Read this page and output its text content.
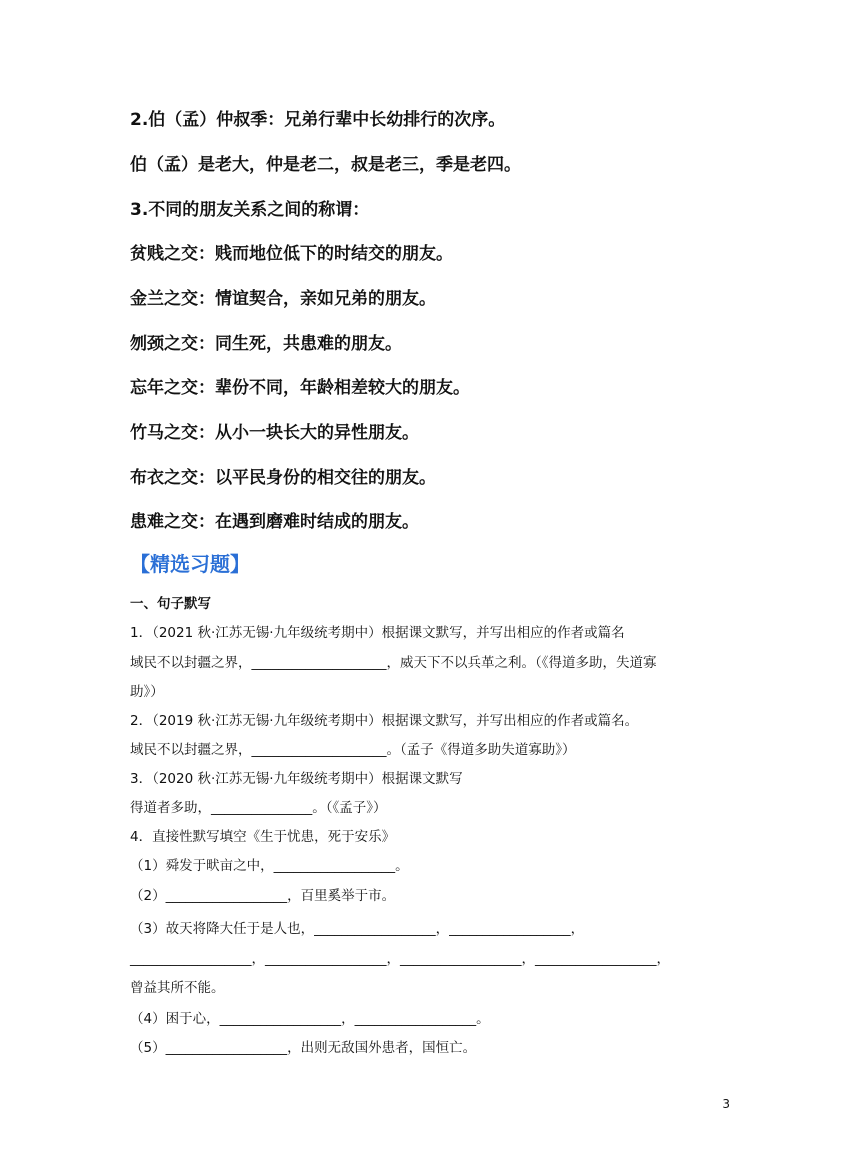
2.伯（孟）仲叔季：兄弟行辈中长幼排行的次序。

伯（孟）是老大，仲是老二，叔是老三，季是老四。

3.不同的朋友关系之间的称谓：

贫贱之交：贱而地位低下的时结交的朋友。

金兰之交：情谊契合，亲如兄弟的朋友。

刎颈之交：同生死，共患难的朋友。

忘年之交：辈份不同，年龄相差较大的朋友。

竹马之交：从小一块长大的异性朋友。

布衣之交：以平民身份的相交往的朋友。

患难之交：在遇到磨难时结成的朋友。

【精选习题】

一、句子默写

1．（2021 秋·江苏无锡·九年级统考期中）根据课文默写，并写出相应的作者或篇名

域民不以封疆之界，____________________，威天下不以兵革之利。（《得道多助，失道寡

助》）

2．（2019 秋·江苏无锡·九年级统考期中）根据课文默写，并写出相应的作者或篇名。

域民不以封疆之界，____________________。（孟子《得道多助失道寡助》）

3．（2020 秋·江苏无锡·九年级统考期中）根据课文默写

得道者多助，_______________。（《孟子》）

4．直接性默写填空《生于忧患，死于安乐》

（1）舜发于畎亩之中，__________________。

（2）__________________，百里奚举于市。

（3）故天将降大任于是人也，__________________，__________________，

__________________，__________________，__________________，__________________，

曾益其所不能。

（4）困于心，__________________，__________________。

（5）__________________，出则无敌国外患者，国恒亡。

3
